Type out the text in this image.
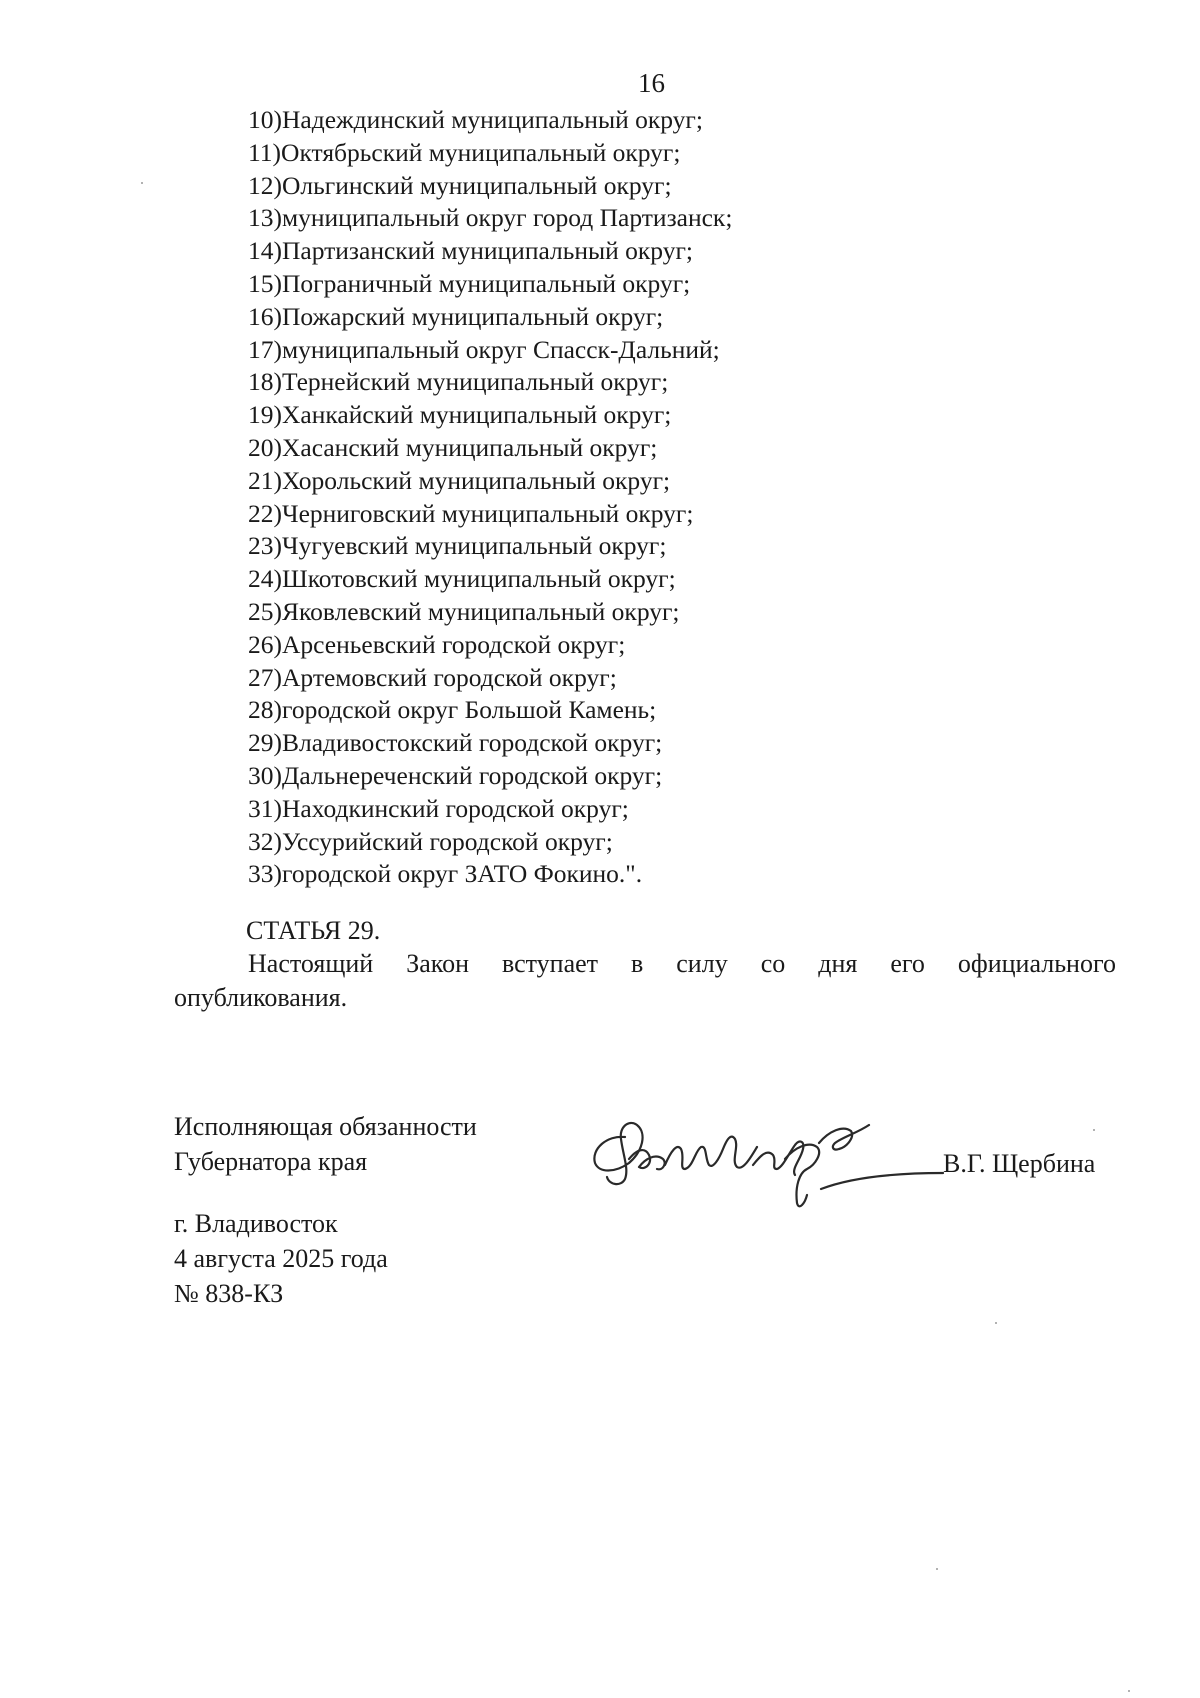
16
10)Надеждинский муниципальный округ;
11)Октябрьский муниципальный округ;
12)Ольгинский муниципальный округ;
13)муниципальный округ город Партизанск;
14)Партизанский муниципальный округ;
15)Пограничный муниципальный округ;
16)Пожарский муниципальный округ;
17)муниципальный округ Спасск-Дальний;
18)Тернейский муниципальный округ;
19)Ханкайский муниципальный округ;
20)Хасанский муниципальный округ;
21)Хорольский муниципальный округ;
22)Черниговский муниципальный округ;
23)Чугуевский муниципальный округ;
24)Шкотовский муниципальный округ;
25)Яковлевский муниципальный округ;
26)Арсеньевский городской округ;
27)Артемовский городской округ;
28)городской округ Большой Камень;
29)Владивостокский городской округ;
30)Дальнереченский городской округ;
31)Находкинский городской округ;
32)Уссурийский городской округ;
33)городской округ ЗАТО Фокино.".
СТАТЬЯ 29.
Настоящий Закон вступает в силу со дня его официального
опубликования.
Исполняющая обязанности
Губернатора края	В.Г. Щербина
г. Владивосток
4 августа 2025 года
№ 838-КЗ
